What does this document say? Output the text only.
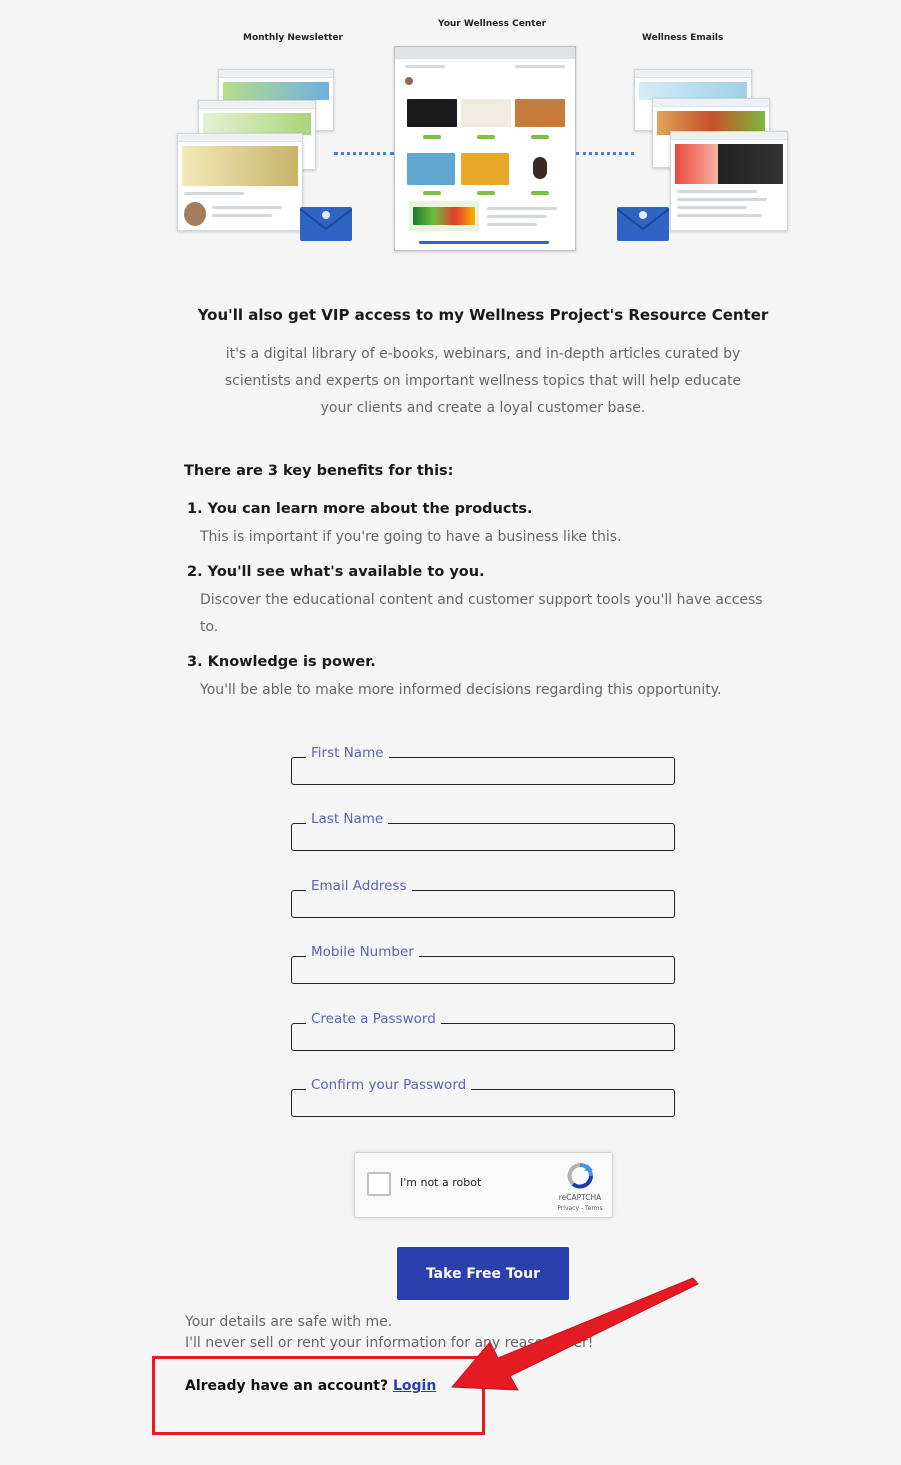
Monthly Newsletter
Your Wellness Center
Wellness Emails
You'll also get VIP access to my Wellness Project's Resource Center
it's a digital library of e-books, webinars, and in-depth articles curated by scientists and experts on important wellness topics that will help educate your clients and create a loyal customer base.
There are 3 key benefits for this:
1. You can learn more about the products.
This is important if you're going to have a business like this.
2. You'll see what's available to you.
Discover the educational content and customer support tools you'll have access to.
3. Knowledge is power.
You'll be able to make more informed decisions regarding this opportunity.
First Name
Last Name
Email Address
Mobile Number
Create a Password
Confirm your Password
I'm not a robot
reCAPTCHA
Privacy - Terms
Take Free Tour
Your details are safe with me.
I'll never sell or rent your information for any reason ever!
Already have an account? Login
